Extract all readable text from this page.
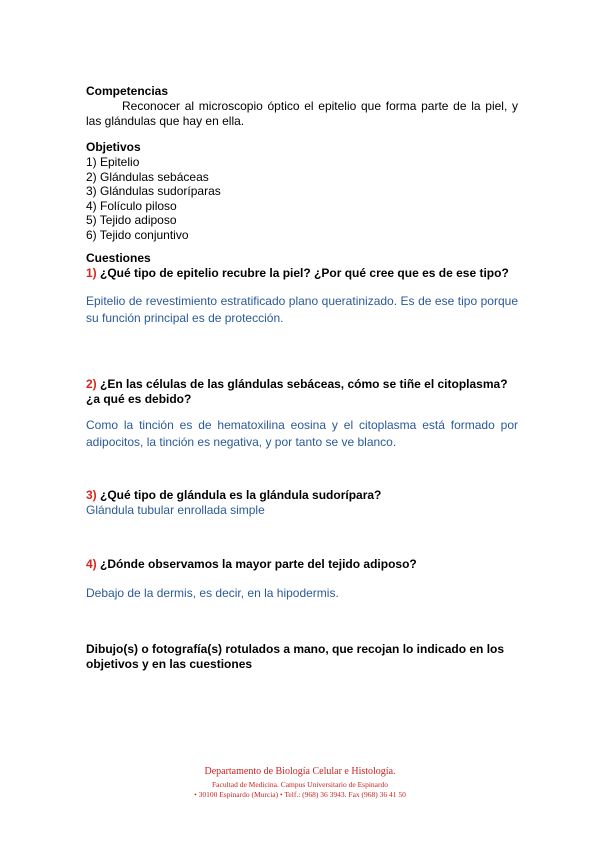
Competencias

Reconocer al microscopio óptico el epitelio que forma parte de la piel, y las glándulas que hay en ella.

Objetivos

1) Epitelio

2) Glándulas sebáceas

3) Glándulas sudoríparas

4) Folículo piloso

5) Tejido adiposo

6) Tejido conjuntivo

Cuestiones

1) ¿Qué tipo de epitelio recubre la piel? ¿Por qué cree que es de ese tipo?

Epitelio de revestimiento estratificado plano queratinizado. Es de ese tipo porque su función principal es de protección.

2) ¿En las células de las glándulas sebáceas, cómo se tiñe el citoplasma? ¿a qué es debido?

Como la tinción es de hematoxilina eosina y el citoplasma está formado por adipocitos, la tinción es negativa, y por tanto se ve blanco.

3) ¿Qué tipo de glándula es la glándula sudorípara?

Glándula tubular enrollada simple

4) ¿Dónde observamos la mayor parte del tejido adiposo?

Debajo de la dermis, es decir, en la hipodermis.

Dibujo(s) o fotografía(s) rotulados a mano, que recojan lo indicado en los objetivos y en las cuestiones

Departamento de Biología Celular e Histología.
Facultad de Medicina. Campus Universitario de Espinardo
• 30100 Espinardo (Murcia) • Telf.: (968) 36 3943. Fax (968) 36 41 50
